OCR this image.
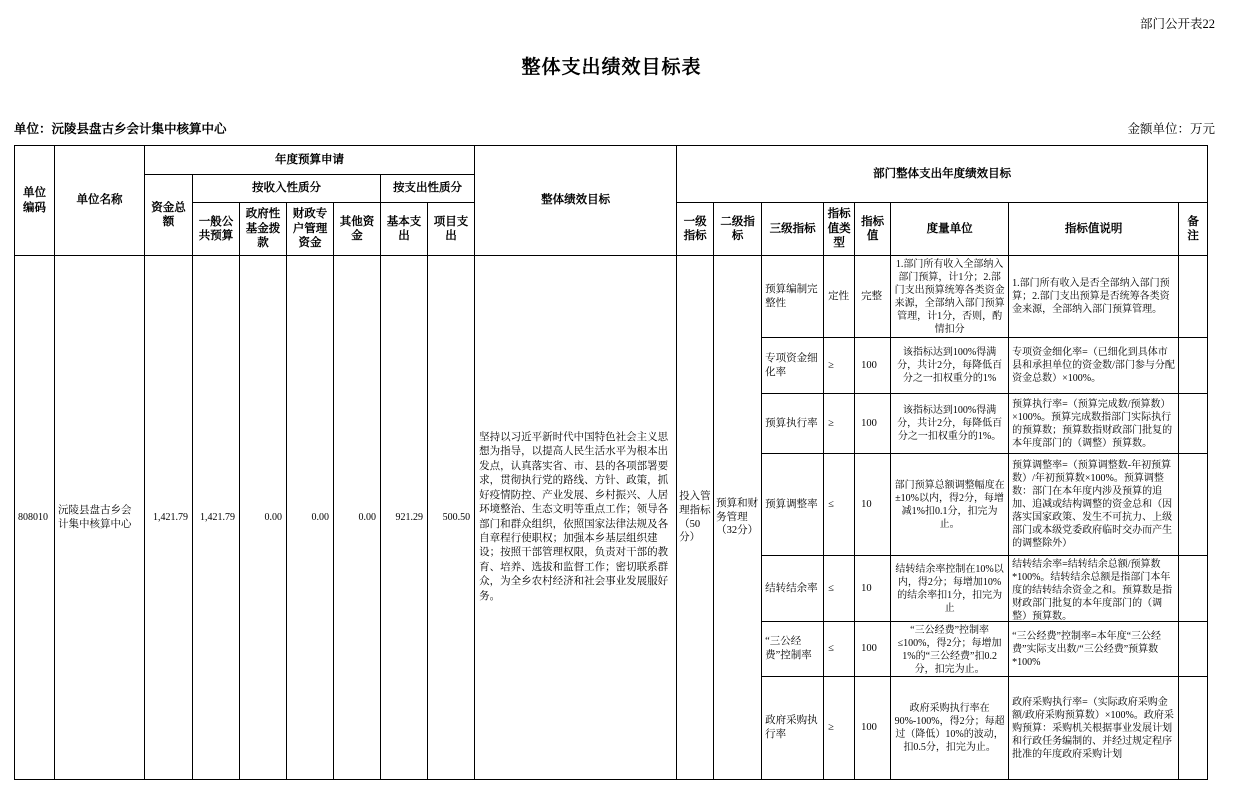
部门公开表22
整体支出绩效目标表
单位：沅陵县盘古乡会计集中核算中心	金额单位：万元
单位编码	单位名称	年度预算申请							整体绩效目标	部门整体支出年度绩效目标							
		资金总额	按收入性质分				按支出性质分										
			一般公共预算	政府性基金拨款	财政专户管理资金	其他资金	基本支出	项目支出		一级指标	二级指标	三级指标	指标值类型	指标值	度量单位	指标值说明	备注
808010	沅陵县盘古乡会计集中核算中心	1,421.79	1,421.79	0.00	0.00	0.00	921.29	500.50	坚持以习近平新时代中国特色社会主义思想为指导，以提高人民生活水平为根本出发点，认真落实省、市、县的各项部署要求，贯彻执行党的路线、方针、政策，抓好疫情防控、产业发展、乡村振兴、人居环境整治、生态文明等重点工作；领导各部门和群众组织，依照国家法律法规及各自章程行使职权；加强本乡基层组织建设；按照干部管理权限，负责对干部的教育、培养、选拔和监督工作；密切联系群众，为全乡农村经济和社会事业发展服好务。	投入管理指标（50分）	预算和财务管理（32分）	预算编制完整性	定性	完整	1.部门所有收入全部纳入部门预算，计1分；2.部门支出预算统筹各类资金来源，全部纳入部门预算管理，计1分，否则，酌情扣分	1.部门所有收入是否全部纳入部门预算；2.部门支出预算是否统筹各类资金来源，全部纳入部门预算管理。	

												专项资金细化率	≥	100	该指标达到100%得满分，共计2分，每降低百分之一扣权重分的1%	专项资金细化率=（已细化到具体市县和承担单位的资金数/部门参与分配资金总数）×100%。	

												预算执行率	≥	100	该指标达到100%得满分，共计2分，每降低百分之一扣权重分的1%。	预算执行率=（预算完成数/预算数）×100%。预算完成数指部门实际执行的预算数；预算数指财政部门批复的本年度部门的（调整）预算数。	

												预算调整率	≤	10	部门预算总额调整幅度在±10%以内，得2分，每增减1%扣0.1分，扣完为止。	预算调整率=（预算调整数-年初预算数）/年初预算数×100%。预算调整数：部门在本年度内涉及预算的追加、追减或结构调整的资金总和（因落实国家政策、发生不可抗力、上级部门或本级党委政府临时交办而产生的调整除外）	

												结转结余率	≤	10	结转结余率控制在10%以内，得2分；每增加10%的结余率扣1分，扣完为止	结转结余率=结转结余总额/预算数*100%。结转结余总额是指部门本年度的结转结余资金之和。预算数是指财政部门批复的本年度部门的（调整）预算数。	

												“三公经费”控制率	≤	100	“三公经费”控制率≤100%，得2分；每增加1%的“三公经费”扣0.2分，扣完为止。	“三公经费”控制率=本年度“三公经费”实际支出数/“三公经费”预算数*100%	

												政府采购执行率	≥	100	政府采购执行率在90%-100%，得2分；每超过（降低）10%的波动，扣0.5分，扣完为止。	政府采购执行率=（实际政府采购金额/政府采购预算数）×100%。政府采购预算：采购机关根据事业发展计划和行政任务编制的、并经过规定程序批准的年度政府采购计划	
